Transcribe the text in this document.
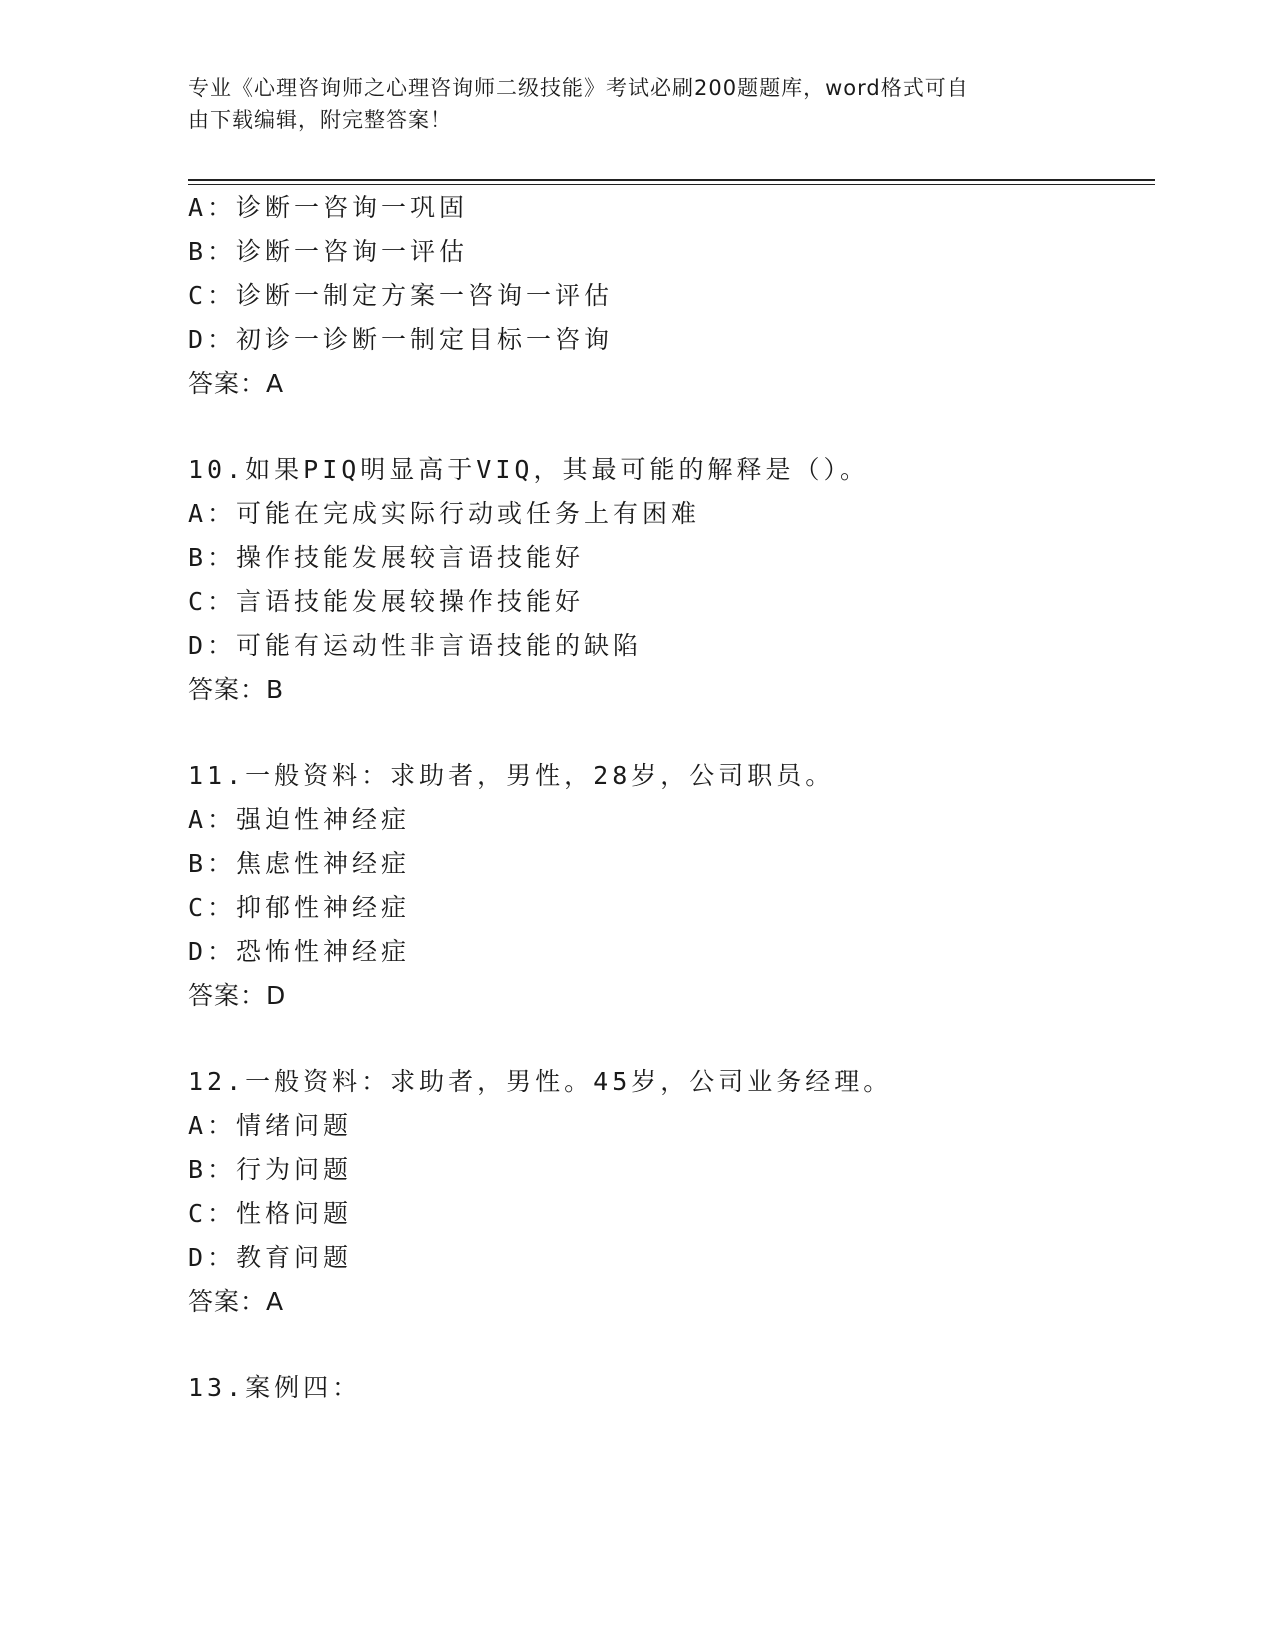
专业《心理咨询师之心理咨询师二级技能》考试必刷200题题库，word格式可自
由下载编辑，附完整答案！
A：诊断一咨询一巩固
B：诊断一咨询一评估
C：诊断一制定方案一咨询一评估
D：初诊一诊断一制定目标一咨询
答案：A
10.如果PIQ明显高于VIQ，其最可能的解释是（）。
A：可能在完成实际行动或任务上有困难
B：操作技能发展较言语技能好
C：言语技能发展较操作技能好
D：可能有运动性非言语技能的缺陷
答案：B
11.一般资料：求助者，男性，28岁，公司职员。
A：强迫性神经症
B：焦虑性神经症
C：抑郁性神经症
D：恐怖性神经症
答案：D
12.一般资料：求助者，男性。45岁，公司业务经理。
A：情绪问题
B：行为问题
C：性格问题
D：教育问题
答案：A
13.案例四：
